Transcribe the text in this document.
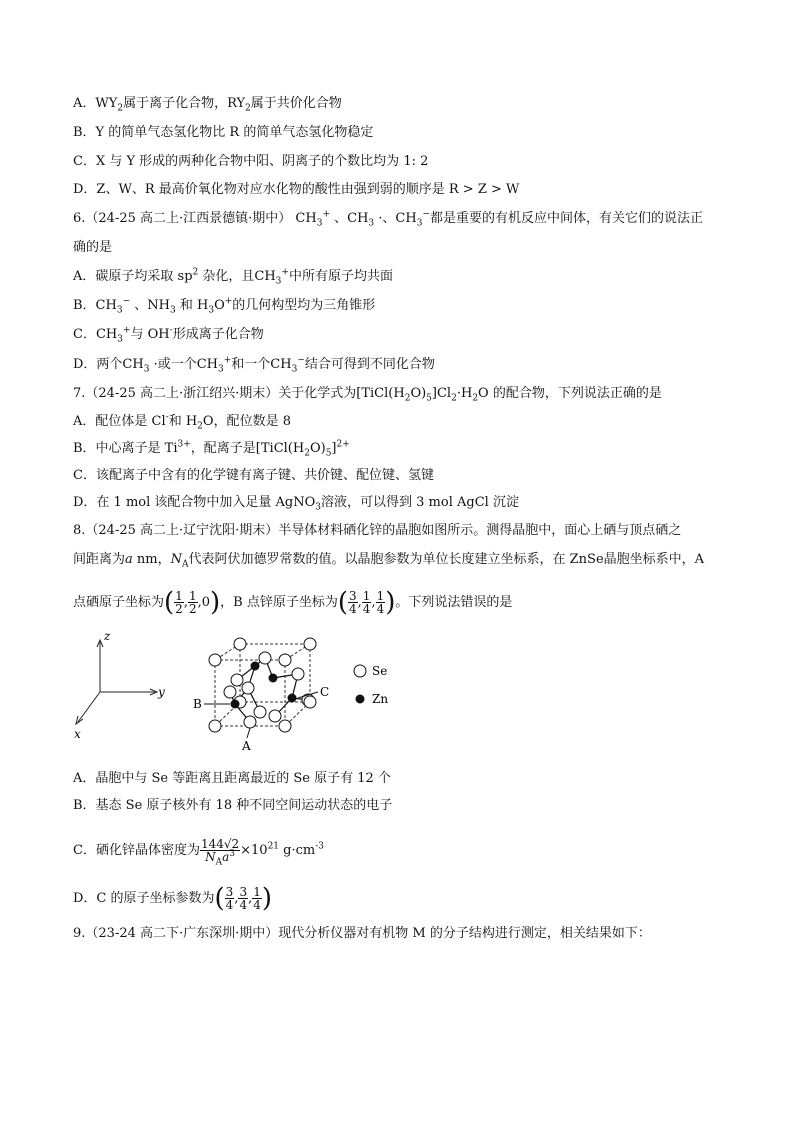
A．$WY_2$属于离子化合物，$RY_2$属于共价化合物
B．Y 的简单气态氢化物比 R 的简单气态氢化物稳定
C．X 与 Y 形成的两种化合物中阳、阴离子的个数比均为 1: 2
D．Z、W、R 最高价氧化物对应水化物的酸性由强到弱的顺序是 R > Z > W
6.（24-25 高二上·江西景德镇·期中） $CH_3^+$ 、$CH_3$ ·、$CH_3^-$都是重要的有机反应中间体，有关它们的说法正
确的是
A．碳原子均采取 $sp^2$ 杂化，且$CH_3^+$中所有原子均共面
B．$CH_3^-$ 、$NH_3$ 和 $H_3O^+$的几何构型均为三角锥形
C．$CH_3^+$与 OH-形成离子化合物
D．两个$CH_3$ ·或一个$CH_3^+$和一个$CH_3^-$结合可得到不同化合物
7.（24-25 高二上·浙江绍兴·期末）关于化学式为$[TiCl(H_2O)_5]Cl_2\cdot H_2O$ 的配合物，下列说法正确的是
A．配位体是 Cl-和 $H_2O$，配位数是 8
B．中心离子是 $Ti^{3+}$，配离子是$[TiCl(H_2O)_5]^{2+}$
C．该配离子中含有的化学键有离子键、共价键、配位键、氢键
D．在 1 mol 该配合物中加入足量 AgNO$_3$溶液，可以得到 3 mol AgCl 沉淀
8.（24-25 高二上·辽宁沈阳·期末）半导体材料硒化锌的晶胞如图所示。测得晶胞中，面心上硒与顶点硒之
间距离为a nm，$N_A$代表阿伏加德罗常数的值。以晶胞参数为单位长度建立坐标系，在 ZnSe晶胞坐标系中，A
点硒原子坐标为( $\frac{1}{2}$ , $\frac{1}{2} ,0$)，B 点锌原子坐标为( $\frac{3}{4}$ , $\frac{1}{4}$ , $\frac{1}{4}$ )。下列说法错误的是
z
y
x
B
C
A
Se
Zn
A．晶胞中与 Se 等距离且距离最近的 Se 原子有 12 个
B．基态 Se 原子核外有 18 种不同空间运动状态的电子
C．硒化锌晶体密度为 $\frac{144√2}{N_Aa^3} \times 10^{21}$ $g\cdot cm^{-3}$
D．C 的原子坐标参数为( $\frac{3}{4}$ , $\frac{3}{4}$ , $\frac{1}{4}$ )
9.（23-24 高二下·广东深圳·期中）现代分析仪器对有机物 M 的分子结构进行测定，相关结果如下：
